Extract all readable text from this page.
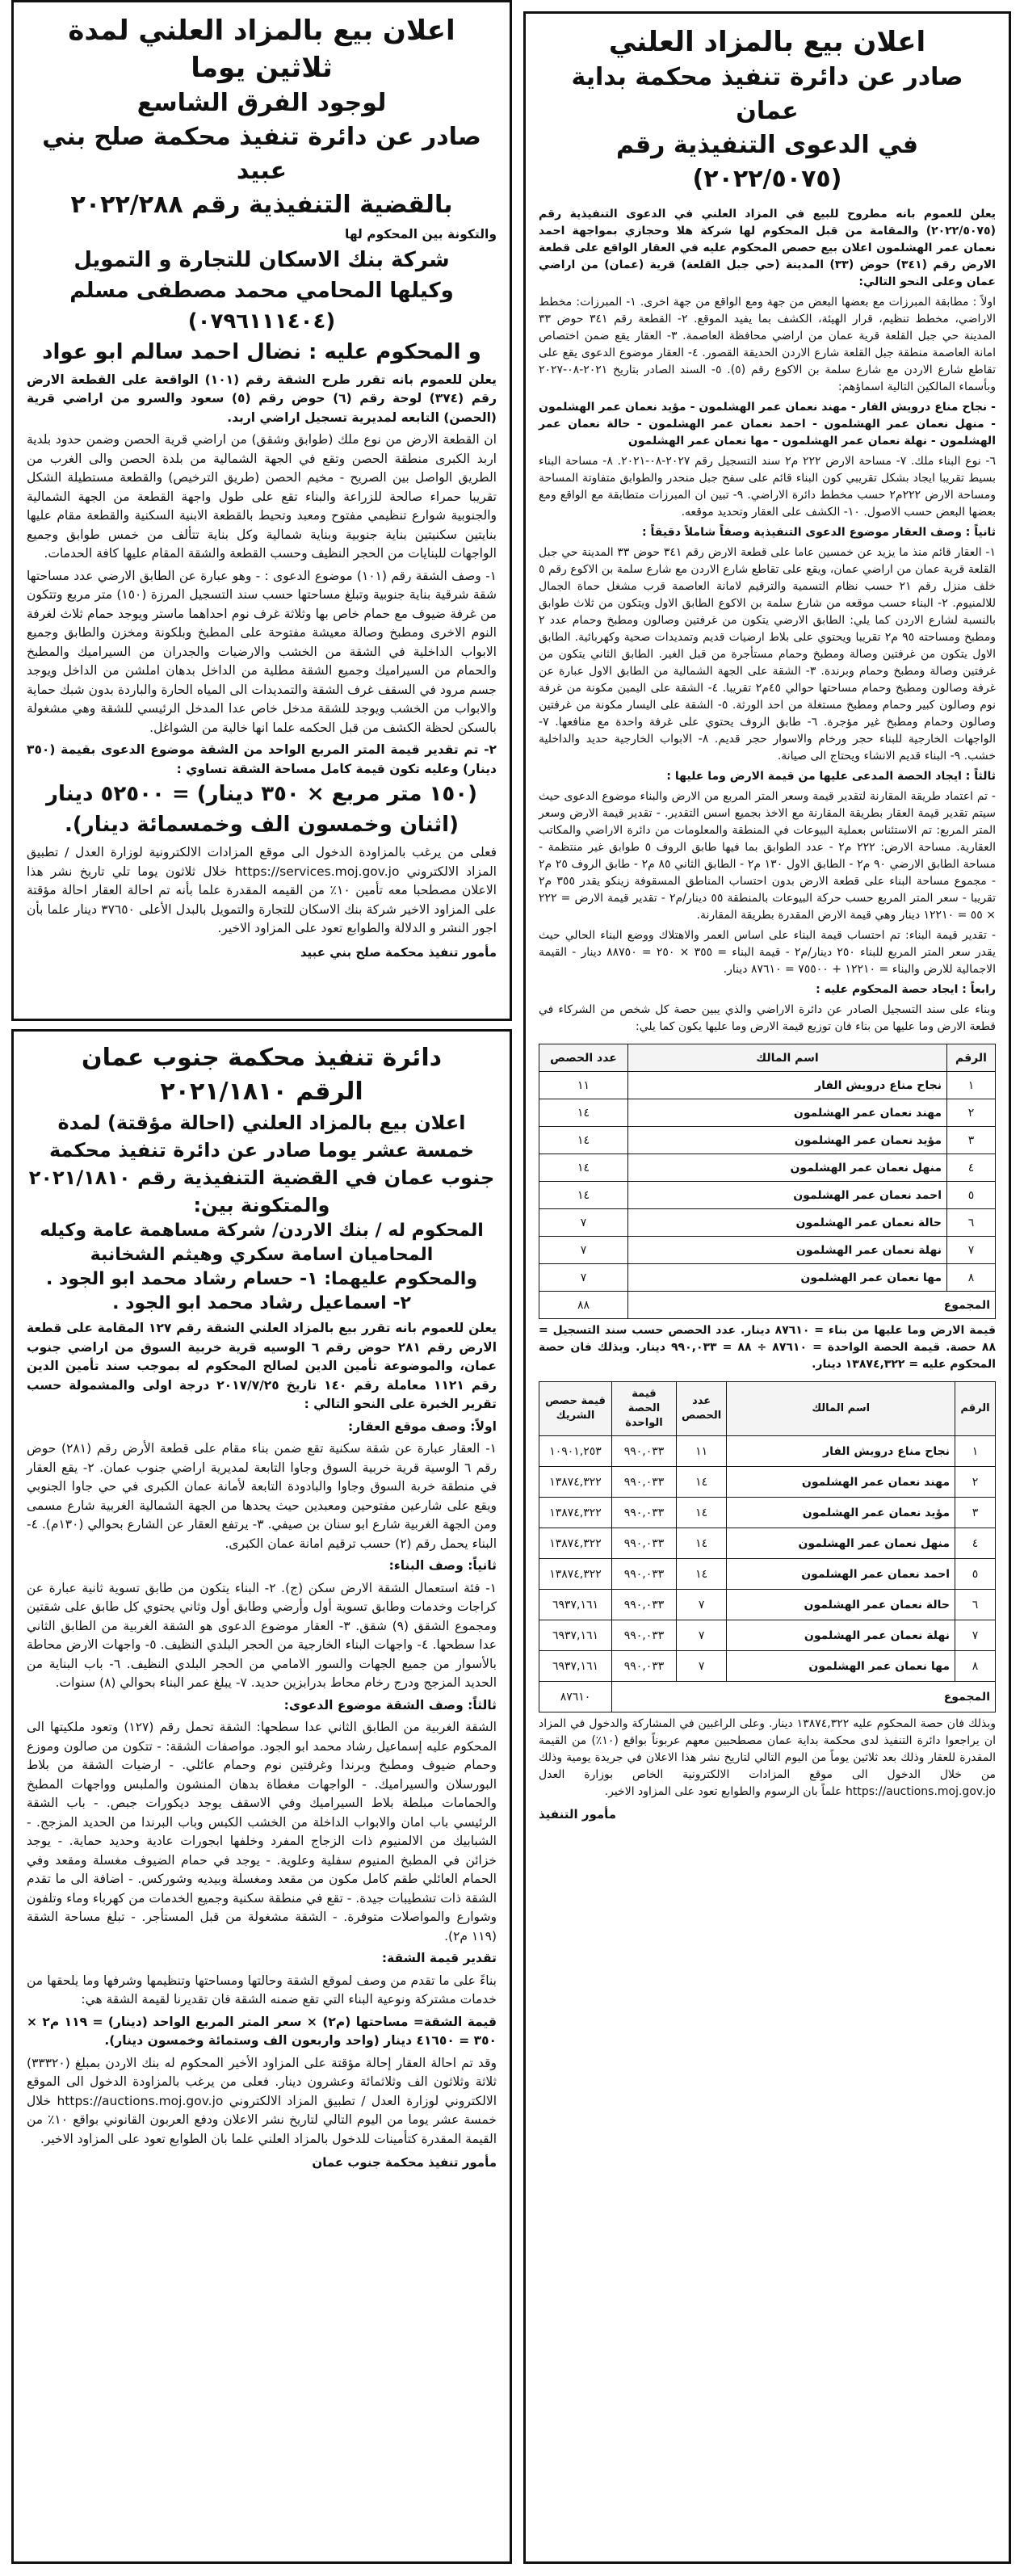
اعلان بيع بالمزاد العلني
صادر عن دائرة تنفيذ محكمة بداية عمان
في الدعوى التنفيذية رقم (٢٠٢٢/٥٠٧٥)

يعلن للعموم بانه مطروح للبيع في المزاد العلني في الدعوى التنفيذية رقم (٢٠٢٢/٥٠٧٥) والمقامة من قبل المحكوم لها شركة هلا وحجازي بمواجهة احمد نعمان عمر الهشلمون اعلان بيع حصص المحكوم عليه في العقار الواقع على قطعة الارض رقم (٣٤١) حوض (٣٣) المدينة (حي جبل القلعة) قرية (عمان) من اراضي عمان وعلى النحو التالي:

اولاً : مطابقة المبرزات مع بعضها البعض من جهة ومع الواقع من جهة اخرى. ١- المبرزات: مخطط الاراضي، مخطط تنظيم، قرار الهيئة، الكشف بما يفيد الموقع. ٢- القطعة رقم ٣٤١ حوض ٣٣ المدينة حي جبل القلعة قرية عمان من اراضي محافظة العاصمة. ٣- العقار يقع ضمن اختصاص امانة العاصمة منطقة جبل القلعة شارع الاردن الحديقة القصور. ٤- العقار موضوع الدعوى يقع على تقاطع شارع الاردن مع شارع سلمة بن الاكوع رقم (٥). ٥- السند الصادر بتاريخ ٢٠٢١-٠٨-٢٠٢٧ وبأسماء المالكين التالية اسماؤهم:

- نجاح مناع درويش الفار - مهند نعمان عمر الهشلمون - مؤيد نعمان عمر الهشلمون - منهل نعمان عمر الهشلمون - احمد نعمان عمر الهشلمون - حالة نعمان عمر الهشلمون - نهلة نعمان عمر الهشلمون - مها نعمان عمر الهشلمون

٦- نوع البناء ملك. ٧- مساحة الارض ٢٢٢ م٢ سند التسجيل رقم ٢٠٢٧-٠٨-٢٠٢١. ٨- مساحة البناء بسيط تقريبا ايجاد بشكل تقريبي كون البناء قائم على سفح جبل منحدر والطوابق متفاوتة المساحة ومساحة الارض ٢٢٢م٢ حسب مخطط دائرة الاراضي. ٩- تبين ان المبرزات متطابقة مع الواقع ومع بعضها البعض حسب الاصول. ١٠- الكشف على العقار وتحديد موقعه.

ثانياً : وصف العقار موضوع الدعوى التنفيذية وصفاً شاملاً دقيقاً :

١- العقار قائم منذ ما يزيد عن خمسين عاما على قطعة الارض رقم ٣٤١ حوض ٣٣ المدينة حي جبل القلعة قرية عمان من اراضي عمان، ويقع على تقاطع شارع الاردن مع شارع سلمة بن الاكوع رقم ٥ خلف منزل رقم ٢١ حسب نظام التسمية والترقيم لامانة العاصمة قرب مشغل حماة الجمال للالمنيوم. ٢- البناء حسب موقعه من شارع سلمة بن الاكوع الطابق الاول ويتكون من ثلاث طوابق بالنسبة لشارع الاردن كما يلي: الطابق الارضي يتكون من غرفتين وصالون ومطبخ وحمام عدد ٢ ومطبخ ومساحته ٩٥ م٢ تقريبا ويحتوي على بلاط ارضيات قديم وتمديدات صحية وكهربائية. الطابق الاول يتكون من غرفتين وصالة ومطبخ وحمام مستأجرة من قبل الغير. الطابق الثاني يتكون من غرفتين وصالة ومطبخ وحمام وبرندة. ٣- الشقة على الجهة الشمالية من الطابق الاول عبارة عن غرفة وصالون ومطبخ وحمام مساحتها حوالي ٤٥م٢ تقريبا. ٤- الشقة على اليمين مكونة من غرفة نوم وصالون كبير وحمام ومطبخ مستغلة من احد الورثة. ٥- الشقة على اليسار مكونة من غرفتين وصالون وحمام ومطبخ غير مؤجرة. ٦- طابق الروف يحتوي على غرفة واحدة مع منافعها. ٧- الواجهات الخارجية للبناء حجر ورخام والاسوار حجر قديم. ٨- الابواب الخارجية حديد والداخلية خشب. ٩- البناء قديم الانشاء ويحتاج الى صيانة.

ثالثاً : ايجاد الحصة المدعى عليها من قيمة الارض وما عليها :

- تم اعتماد طريقة المقارنة لتقدير قيمة وسعر المتر المربع من الارض والبناء موضوع الدعوى حيث سيتم تقدير قيمة العقار بطريقة المقارنة مع الاخذ بجميع اسس التقدير. - تقدير قيمة الارض وسعر المتر المربع: تم الاستئناس بعملية البيوعات في المنطقة والمعلومات من دائرة الاراضي والمكاتب العقارية. مساحة الارض: ٢٢٢ م٢ - عدد الطوابق بما فيها طابق الروف ٥ طوابق غير منتظمة - مساحة الطابق الارضي ٩٠ م٢ - الطابق الاول ١٣٠ م٢ - الطابق الثاني ٨٥ م٢ - طابق الروف ٢٥ م٢ - مجموع مساحة البناء على قطعة الارض بدون احتساب المناطق المسقوفة زينكو يقدر ٣٥٥ م٢ تقريبا - سعر المتر المربع حسب حركة البيوعات بالمنطقة ٥٥ دينار/م٢ - تقدير قيمة الارض = ٢٢٢ × ٥٥ = ١٢٢١٠ دينار وهي قيمة الارض المقدرة بطريقة المقارنة.

- تقدير قيمة البناء: تم احتساب قيمة البناء على اساس العمر والاهتلاك ووضع البناء الحالي حيث يقدر سعر المتر المربع للبناء ٢٥٠ دينار/م٢ - قيمة البناء = ٣٥٥ × ٢٥٠ = ٨٨٧٥٠ دينار - القيمة الاجمالية للارض والبناء = ١٢٢١٠ + ٧٥٥٠٠ = ٨٧٦١٠ دينار.

رابعاً : ايجاد حصة المحكوم عليه :

وبناء على سند التسجيل الصادر عن دائرة الاراضي والذي يبين حصة كل شخص من الشركاء في قطعة الارض وما عليها من بناء فان توزيع قيمة الارض وما عليها يكون كما يلي:

الرقم	اسم المالك	عدد الحصص
١	نجاح مناع درويش الفار	١١
٢	مهند نعمان عمر الهشلمون	١٤
٣	مؤيد نعمان عمر الهشلمون	١٤
٤	منهل نعمان عمر الهشلمون	١٤
٥	احمد نعمان عمر الهشلمون	١٤
٦	حالة نعمان عمر الهشلمون	٧
٧	نهلة نعمان عمر الهشلمون	٧
٨	مها نعمان عمر الهشلمون	٧
المجموع		٨٨

قيمة الارض وما عليها من بناء = ٨٧٦١٠ دينار. عدد الحصص حسب سند التسجيل = ٨٨ حصة. قيمة الحصة الواحدة = ٨٧٦١٠ ÷ ٨٨ = ٩٩٠,٠٣٣ دينار. وبذلك فان حصة المحكوم عليه = ١٣٨٧٤,٣٢٢ دينار.

الرقم	اسم المالك	عدد الحصص	قيمة الحصة الواحدة	قيمة حصص الشريك
١	نجاح مناع درويش الفار	١١	٩٩٠,٠٣٣	١٠٩٠١,٢٥٣
٢	مهند نعمان عمر الهشلمون	١٤	٩٩٠,٠٣٣	١٣٨٧٤,٣٢٢
٣	مؤيد نعمان عمر الهشلمون	١٤	٩٩٠,٠٣٣	١٣٨٧٤,٣٢٢
٤	منهل نعمان عمر الهشلمون	١٤	٩٩٠,٠٣٣	١٣٨٧٤,٣٢٢
٥	احمد نعمان عمر الهشلمون	١٤	٩٩٠,٠٣٣	١٣٨٧٤,٣٢٢
٦	حالة نعمان عمر الهشلمون	٧	٩٩٠,٠٣٣	٦٩٣٧,١٦١
٧	نهلة نعمان عمر الهشلمون	٧	٩٩٠,٠٣٣	٦٩٣٧,١٦١
٨	مها نعمان عمر الهشلمون	٧	٩٩٠,٠٣٣	٦٩٣٧,١٦١
المجموع				٨٧٦١٠

وبذلك فان حصة المحكوم عليه ١٣٨٧٤,٣٢٢ دينار. وعلى الراغبين في المشاركة والدخول في المزاد ان يراجعوا دائرة التنفيذ لدى محكمة بداية عمان مصطحبين معهم عربوناً بواقع (١٠٪) من القيمة المقدرة للعقار وذلك بعد ثلاثين يوماً من اليوم التالي لتاريخ نشر هذا الاعلان في جريدة يومية وذلك من خلال الدخول الى موقع المزادات الالكترونية الخاص بوزارة العدل https://auctions.moj.gov.jo علماً بان الرسوم والطوابع تعود على المزاود الاخير.

مأمور التنفيذ

اعلان بيع بالمزاد العلني لمدة ثلاثين يوما
لوجود الفرق الشاسع
صادر عن دائرة تنفيذ محكمة صلح بني عبيد
بالقضية التنفيذية رقم ٢٠٢٢/٢٨٨

والتكونة بين المحكوم لها

شركة بنك الاسكان للتجارة و التمويل

وكيلها المحامي محمد مصطفى مسلم (٠٧٩٦١١١٤٠٤)

و المحكوم عليه : نضال احمد سالم ابو عواد

يعلن للعموم بانه تقرر طرح الشقة رقم (١٠١) الواقعة على القطعة الارض رقم (٣٧٤) لوحة رقم (٦) حوض رقم (٥) سعود والسرو من اراضي قرية (الحصن) التابعه لمديرية تسجيل اراضي اربد.

ان القطعة الارض من نوع ملك (طوابق وشقق) من اراضي قرية الحصن وضمن حدود بلدية اربد الكبرى منطقة الحصن وتقع في الجهة الشمالية من بلدة الحصن والى الغرب من الطريق الواصل بين الصريح - مخيم الحصن (طريق الترخيص) والقطعة مستطيلة الشكل تقريبا حمراء صالحة للزراعة والبناء تقع على طول واجهة القطعة من الجهة الشمالية والجنوبية شوارع تنظيمي مفتوح ومعبد وتحيط بالقطعة الابنية السكنية والقطعة مقام عليها بنايتين سكنيتين بناية جنوبية وبناية شمالية وكل بناية تتألف من خمس طوابق وجميع الواجهات للبنايات من الحجر النظيف وحسب القطعة والشقة المقام عليها كافة الحدمات.

١- وصف الشقة رقم (١٠١) موضوع الدعوى : - وهو عبارة عن الطابق الارضي عدد مساحتها شقة شرقية بناية جنوبية وتبلغ مساحتها حسب سند التسجيل المرزة (١٥٠) متر مربع وتتكون من غرفة ضيوف مع حمام خاص بها وثلاثة غرف نوم احداهما ماستر ويوجد حمام ثلاث لغرفة النوم الاخرى ومطبخ وصالة معيشة مفتوحة على المطبخ وبلكونة ومخزن والطابق وجميع الابواب الداخلية في الشقة من الخشب والارضيات والجدران من السيراميك والمطبخ والحمام من السيراميك وجميع الشقة مطلية من الداخل بدهان املشن من الداخل ويوجد جسم مرود في السقف غرف الشقة والتمديدات الى المياه الحارة والباردة بدون شبك حماية والابواب من الخشب ويوجد للشقة مدخل خاص عدا المدخل الرئيسي للشقة وهي مشغولة بالسكن لحظة الكشف من قبل الحكمه علما انها خالية من الشواغل.

٢- تم تقدير قيمة المتر المربع الواحد من الشقة موضوع الدعوى بقيمة (٣٥٠ دينار) وعليه تكون قيمة كامل مساحة الشقة تساوي :

(١٥٠ متر مربع × ٣٥٠ دينار) = ٥٢٥٠٠ دينار

(اثنان وخمسون الف وخمسمائة دينار).

فعلى من يرغب بالمزاودة الدخول الى موقع المزادات الالكترونية لوزارة العدل / تطبيق المزاد الالكتروني https://services.moj.gov.jo خلال ثلاثون يوما تلي تاريخ نشر هذا الاعلان مصطحبا معه تأمين ١٠٪ من القيمه المقدرة علما بأنه تم احالة العقار احالة مؤقتة على المزاود الاخير شركة بنك الاسكان للتجارة والتمويل بالبدل الأعلى ٣٧٦٥٠ دينار علما بأن اجور النشر و الدلالة والطوابع تعود على المزاود الاخير.

مأمور تنفيذ محكمة صلح بني عبيد

دائرة تنفيذ محكمة جنوب عمان
الرقم ٢٠٢١/١٨١٠
اعلان بيع بالمزاد العلني (احالة مؤقتة) لمدة خمسة عشر يوما صادر عن دائرة تنفيذ محكمة جنوب عمان في القضية التنفيذية رقم ٢٠٢١/١٨١٠
والمتكونة بين:

المحكوم له / بنك الاردن/ شركة مساهمة عامة وكيله المحاميان اسامة سكري وهيثم الشخانبة

والمحكوم عليهما: ١- حسام رشاد محمد ابو الجود .

٢- اسماعيل رشاد محمد ابو الجود .

يعلن للعموم بانه تقرر بيع بالمزاد العلني الشقة رقم ١٢٧ المقامة على قطعة الارض رقم ٢٨١ حوض رقم ٦ الوسيه قرية خربية السوق من اراضي جنوب عمان، والموضوعة تأمين الدين لصالح المحكوم له بموجب سند تأمين الدين رقم ١١٢١ معاملة رقم ١٤٠ تاريخ ٢٠١٧/٧/٢٥ درجة اولى والمشمولة حسب تقرير الخبرة على النحو التالي :

اولاً: وصف موقع العقار:

١- العقار عبارة عن شقة سكنية تقع ضمن بناء مقام على قطعة الأرض رقم (٢٨١) حوض رقم ٦ الوسية قرية خربية السوق وجاوا التابعة لمديرية اراضي جنوب عمان. ٢- يقع العقار في منطقة خربة السوق وجاوا والبادودة التابعة لأمانة عمان الكبرى في حي جاوا الجنوبي ويقع على شارعين مفتوحين ومعبدين حيث يحدها من الجهة الشمالية الغربية شارع مسمى ومن الجهة الغربية شارع ابو سنان بن صيفي. ٣- يرتفع العقار عن الشارع بحوالي (١٣٠م). ٤- البناء يحمل رقم (٢) حسب ترقيم امانة عمان الكبرى.

ثانياً: وصف البناء:

١- فئة استعمال الشقة الارض سكن (ج). ٢- البناء يتكون من طابق تسوية ثانية عبارة عن كراجات وخدمات وطابق تسوية أول وأرضي وطابق أول وثاني يحتوي كل طابق على شقتين ومجموع الشقق (٩) شقق. ٣- العقار موضوع الدعوى هو الشقة الغربية من الطابق الثاني عدا سطحها. ٤- واجهات البناء الخارجية من الحجر البلدي النظيف. ٥- واجهات الارض محاطة بالأسوار من جميع الجهات والسور الامامي من الحجر البلدي النظيف. ٦- باب البناية من الحديد المزجج ودرج رخام محاط بدرابزين حديد. ٧- يبلغ عمر البناء بحوالي (٨) سنوات.

ثالثاً: وصف الشقة موضوع الدعوى:

الشقة الغربية من الطابق الثاني عدا سطحها: الشقة تحمل رقم (١٢٧) وتعود ملكيتها الى المحكوم عليه إسماعيل رشاد محمد ابو الجود. مواصفات الشقة: - تتكون من صالون وموزع وحمام ضيوف ومطبخ وبرندا وغرفتين نوم وحمام عائلي. - ارضيات الشقة من بلاط البورسلان والسيراميك. - الواجهات مغطاة بدهان المنشون والملبس وواجهات المطبخ والحمامات مبلطة بلاط السيراميك وفي الاسقف يوجد ديكورات جبص. - باب الشقة الرئيسي باب امان والابواب الداخلة من الخشب الكبس وباب البرندا من الحديد المزجج. - الشبابيك من الالمنيوم ذات الزجاج المفرد وخلفها ابجورات عادية وحديد حماية. - يوجد خزائن في المطبخ المنيوم سفلية وعلوية. - يوجد في حمام الضيوف مغسلة ومقعد وفي الحمام العائلي طقم كامل مكون من مقعد ومغسلة وبيديه وشوركس. - اضافة الى ما تقدم الشقة ذات تشطيبات جيدة. - تقع في منطقة سكنية وجميع الخدمات من كهرباء وماء وتلفون وشوارع والمواصلات متوفرة. - الشقة مشغولة من قبل المستأجر. - تبلغ مساحة الشقة (١١٩ م٢).

تقدير قيمة الشقة:

بناءً على ما تقدم من وصف لموقع الشقة وحالتها ومساحتها وتنظيمها وشرفها وما يلحقها من خدمات مشتركة ونوعية البناء التي تقع ضمنه الشقة فان تقديرنا لقيمة الشقة هي:

قيمة الشقة= مساحتها (م٢) × سعر المتر المربع الواحد (دينار) = ١١٩ م٢ × ٣٥٠ = ٤١٦٥٠ دينار (واحد واربعون الف وستمائة وخمسون دينار).

وقد تم احالة العقار إحالة مؤقتة على المزاود الأخير المحكوم له بنك الاردن بمبلغ (٣٣٣٢٠) ثلاثة وثلاثون الف وثلاثمائة وعشرون دينار. فعلى من يرغب بالمزاودة الدخول الى الموقع الالكتروني لوزارة العدل / تطبيق المزاد الالكتروني https://auctions.moj.gov.jo خلال خمسة عشر يوما من اليوم التالي لتاريخ نشر الاعلان ودفع العربون القانوني بواقع ١٠٪ من القيمة المقدرة كتأمينات للدخول بالمزاد العلني علما بان الطوابع تعود على المزاود الاخير.

مأمور تنفيذ محكمة جنوب عمان
